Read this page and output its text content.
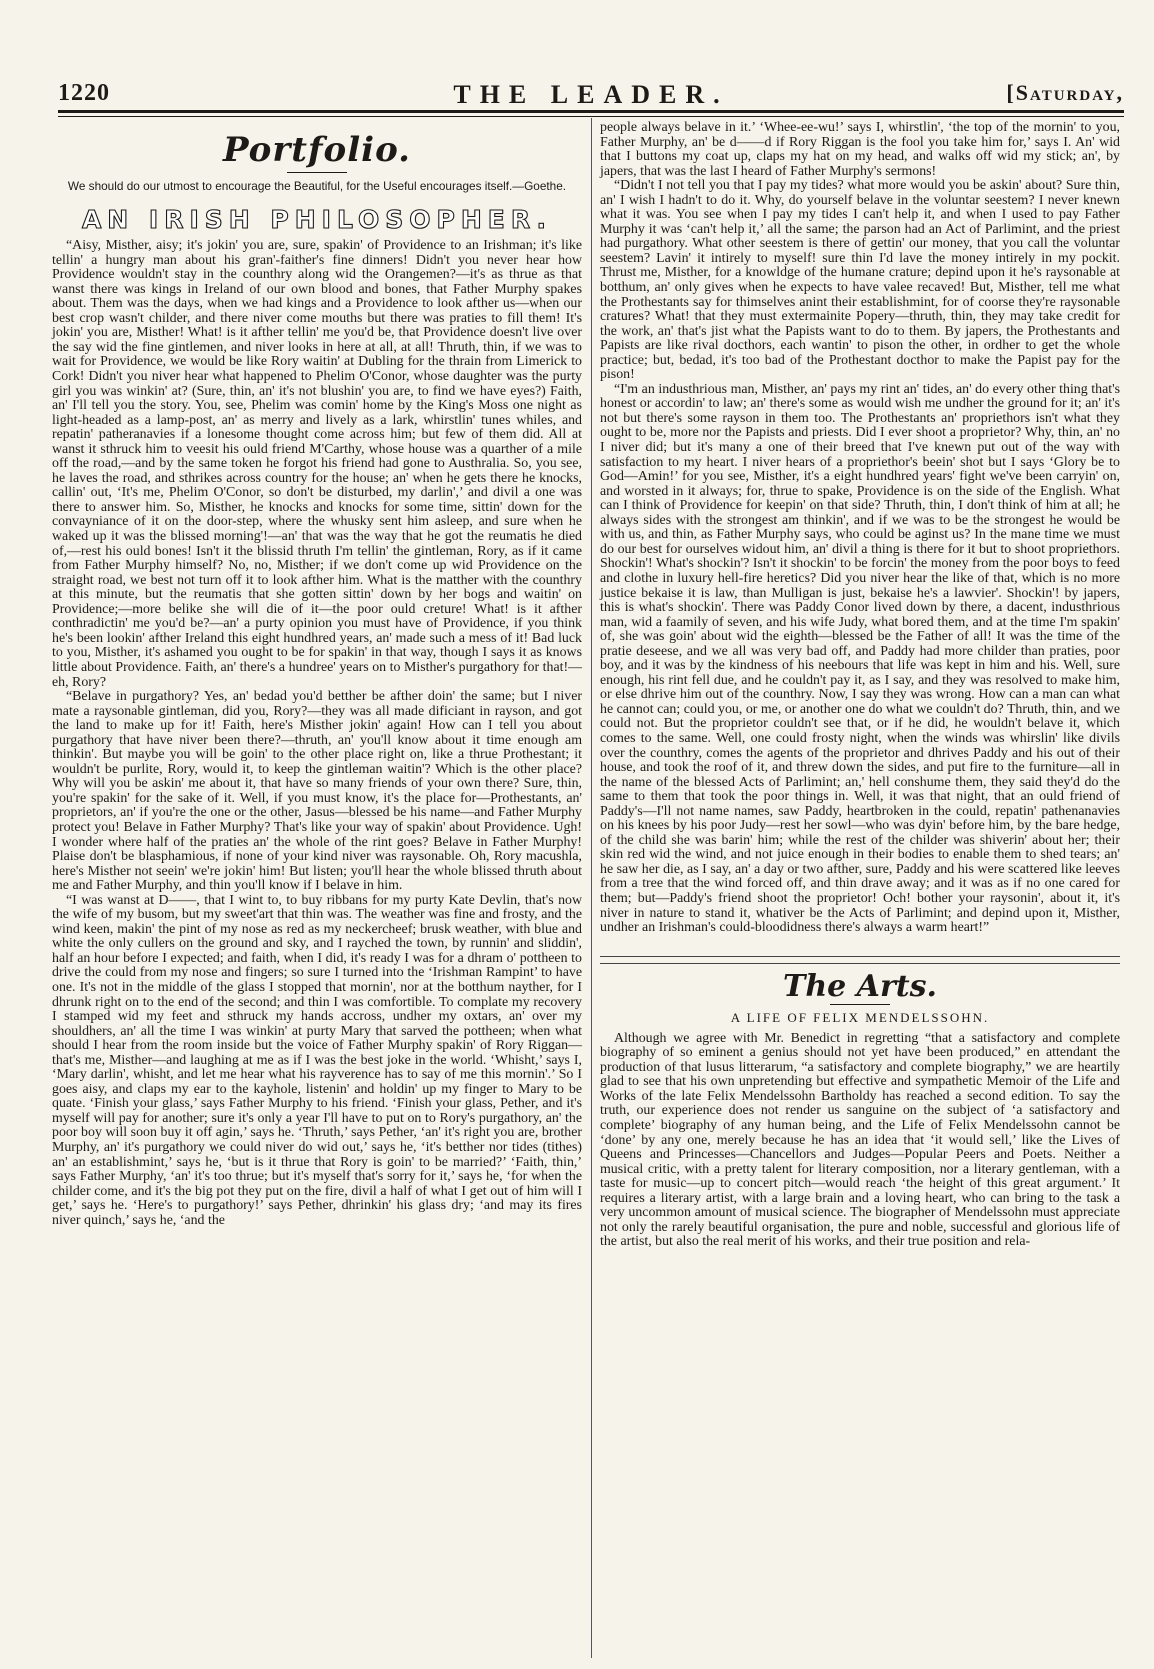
1220	THE LEADER.	[Saturday,
Portfolio.
We should do our utmost to encourage the Beautiful, for the Useful encourages itself.—Goethe.
AN IRISH PHILOSOPHER.

“Aisy, Misther, aisy; it's jokin' you are, sure, spakin' of Providence to an Irishman; it's like tellin' a hungry man about his gran'-faither's fine dinners! Didn't you never hear how Providence wouldn't stay in the counthry along wid the Orangemen?—it's as thrue as that wanst there was kings in Ireland of our own blood and bones, that Father Murphy spakes about. Them was the days, when we had kings and a Providence to look afther us—when our best crop wasn't childer, and there niver come mouths but there was praties to fill them! It's jokin' you are, Misther! What! is it afther tellin' me you'd be, that Providence doesn't live over the say wid the fine gintlemen, and niver looks in here at all, at all! Thruth, thin, if we was to wait for Providence, we would be like Rory waitin' at Dubling for the thrain from Limerick to Cork! Didn't you niver hear what happened to Phelim O'Conor, whose daughter was the purty girl you was winkin' at? (Sure, thin, an' it's not blushin' you are, to find we have eyes?) Faith, an' I'll tell you the story. You, see, Phelim was comin' home by the King's Moss one night as light-headed as a lamp-post, an' as merry and lively as a lark, whirstlin' tunes whiles, and repatin' patheranavies if a lonesome thought come across him; but few of them did. All at wanst it sthruck him to veesit his ould friend M'Carthy, whose house was a quarther of a mile off the road,—and by the same token he forgot his friend had gone to Austhralia. So, you see, he laves the road, and sthrikes across country for the house; an' when he gets there he knocks, callin' out, ‘It's me, Phelim O'Conor, so don't be disturbed, my darlin',’ and divil a one was there to answer him. So, Misther, he knocks and knocks for some time, sittin' down for the convayniance of it on the door-step, where the whusky sent him asleep, and sure when he waked up it was the blissed morning'!—an' that was the way that he got the reumatis he died of,—rest his ould bones! Isn't it the blissid thruth I'm tellin' the gintleman, Rory, as if it came from Father Murphy himself? No, no, Misther; if we don't come up wid Providence on the straight road, we best not turn off it to look afther him. What is the matther with the counthry at this minute, but the reumatis that she gotten sittin' down by her bogs and waitin' on Providence;—more belike she will die of it—the poor ould creture! What! is it afther conthradictin' me you'd be?—an' a purty opinion you must have of Providence, if you think he's been lookin' afther Ireland this eight hundhred years, an' made such a mess of it! Bad luck to you, Misther, it's ashamed you ought to be for spakin' in that way, though I says it as knows little about Providence. Faith, an' there's a hundree' years on to Misther's purgathory for that!—eh, Rory?

“Belave in purgathory? Yes, an' bedad you'd betther be afther doin' the same; but I niver mate a raysonable gintleman, did you, Rory?—they was all made dificiant in rayson, and got the land to make up for it! Faith, here's Misther jokin' again! How can I tell you about purgathory that have niver been there?—thruth, an' you'll know about it time enough am thinkin'. But maybe you will be goin' to the other place right on, like a thrue Prothestant; it wouldn't be purlite, Rory, would it, to keep the gintleman waitin'? Which is the other place? Why will you be askin' me about it, that have so many friends of your own there? Sure, thin, you're spakin' for the sake of it. Well, if you must know, it's the place for—Prothestants, an' proprietors, an' if you're the one or the other, Jasus—blessed be his name—and Father Murphy protect you! Belave in Father Murphy? That's like your way of spakin' about Providence. Ugh! I wonder where half of the praties an' the whole of the rint goes? Belave in Father Murphy! Plaise don't be blasphamious, if none of your kind niver was raysonable. Oh, Rory macushla, here's Misther not seein' we're jokin' him! But listen; you'll hear the whole blissed thruth about me and Father Murphy, and thin you'll know if I belave in him.

“I was wanst at D——, that I wint to, to buy ribbans for my purty Kate Devlin, that's now the wife of my busom, but my sweet'art that thin was. The weather was fine and frosty, and the wind keen, makin' the pint of my nose as red as my neckercheef; brusk weather, with blue and white the only cullers on the ground and sky, and I rayched the town, by runnin' and sliddin', half an hour before I expected; and faith, when I did, it's ready I was for a dhram o' pottheen to drive the could from my nose and fingers; so sure I turned into the ‘Irishman Rampint’ to have one. It's not in the middle of the glass I stopped that mornin', nor at the botthum nayther, for I dhrunk right on to the end of the second; and thin I was comfortible. To complate my recovery I stamped wid my feet and sthruck my hands accross, undher my oxtars, an' over my shouldhers, an' all the time I was winkin' at purty Mary that sarved the pottheen; when what should I hear from the room inside but the voice of Father Murphy spakin' of Rory Riggan—that's me, Misther—and laughing at me as if I was the best joke in the world. ‘Whisht,’ says I, ‘Mary darlin', whisht, and let me hear what his rayverence has to say of me this mornin'.’ So I goes aisy, and claps my ear to the kayhole, listenin' and holdin' up my finger to Mary to be quate. ‘Finish your glass,’ says Father Murphy to his friend. ‘Finish your glass, Pether, and it's myself will pay for another; sure it's only a year I'll have to put on to Rory's purgathory, an' the poor boy will soon buy it off agin,’ says he. ‘Thruth,’ says Pether, ‘an' it's right you are, brother Murphy, an' it's purgathory we could niver do wid out,’ says he, ‘it's betther nor tides (tithes) an' an establishmint,’ says he, ‘but is it thrue that Rory is goin' to be married?’ ‘Faith, thin,’ says Father Murphy, ‘an' it's too thrue; but it's myself that's sorry for it,’ says he, ‘for when the childer come, and it's the big pot they put on the fire, divil a half of what I get out of him will I get,’ says he. ‘Here's to purgathory!’ says Pether, dhrinkin' his glass dry; ‘and may its fires niver quinch,’ says he, ‘and the

people always belave in it.’ ‘Whee-ee-wu!’ says I, whirstlin', ‘the top of the mornin' to you, Father Murphy, an' be d——d if Rory Riggan is the fool you take him for,’ says I. An' wid that I buttons my coat up, claps my hat on my head, and walks off wid my stick; an', by japers, that was the last I heard of Father Murphy's sermons!

“Didn't I not tell you that I pay my tides? what more would you be askin' about? Sure thin, an' I wish I hadn't to do it. Why, do yourself belave in the voluntar seestem? I never knewn what it was. You see when I pay my tides I can't help it, and when I used to pay Father Murphy it was ‘can't help it,’ all the same; the parson had an Act of Parlimint, and the priest had purgathory. What other seestem is there of gettin' our money, that you call the voluntar seestem? Lavin' it intirely to myself! sure thin I'd lave the money intirely in my pockit. Thrust me, Misther, for a knowldge of the humane crature; depind upon it he's raysonable at botthum, an' only gives when he expects to have valee recaved! But, Misther, tell me what the Prothestants say for thimselves anint their establishmint, for of coorse they're raysonable cratures? What! that they must extermainite Popery—thruth, thin, they may take credit for the work, an' that's jist what the Papists want to do to them. By japers, the Prothestants and Papists are like rival docthors, each wantin' to pison the other, in ordher to get the whole practice; but, bedad, it's too bad of the Prothestant docthor to make the Papist pay for the pison!

“I'm an industhrious man, Misther, an' pays my rint an' tides, an' do every other thing that's honest or accordin' to law; an' there's some as would wish me undher the ground for it; an' it's not but there's some rayson in them too. The Prothestants an' propriethors isn't what they ought to be, more nor the Papists and priests. Did I ever shoot a proprietor? Why, thin, an' no I niver did; but it's many a one of their breed that I've knewn put out of the way with satisfaction to my heart. I niver hears of a propriethor's beein' shot but I says ‘Glory be to God—Amin!’ for you see, Misther, it's a eight hundhred years' fight we've been carryin' on, and worsted in it always; for, thrue to spake, Providence is on the side of the English. What can I think of Providence for keepin' on that side? Thruth, thin, I don't think of him at all; he always sides with the strongest am thinkin', and if we was to be the strongest he would be with us, and thin, as Father Murphy says, who could be aginst us? In the mane time we must do our best for ourselves widout him, an' divil a thing is there for it but to shoot propriethors. Shockin'! What's shockin'? Isn't it shockin' to be forcin' the money from the poor boys to feed and clothe in luxury hell-fire heretics? Did you niver hear the like of that, which is no more justice bekaise it is law, than Mulligan is just, bekaise he's a lawvier'. Shockin'! by japers, this is what's shockin'. There was Paddy Conor lived down by there, a dacent, industhrious man, wid a faamily of seven, and his wife Judy, what bored them, and at the time I'm spakin' of, she was goin' about wid the eighth—blessed be the Father of all! It was the time of the pratie deseese, and we all was very bad off, and Paddy had more childer than praties, poor boy, and it was by the kindness of his neebours that life was kept in him and his. Well, sure enough, his rint fell due, and he couldn't pay it, as I say, and they was resolved to make him, or else dhrive him out of the counthry. Now, I say they was wrong. How can a man can what he cannot can; could you, or me, or another one do what we couldn't do? Thruth, thin, and we could not. But the proprietor couldn't see that, or if he did, he wouldn't belave it, which comes to the same. Well, one could frosty night, when the winds was whirslin' like divils over the counthry, comes the agents of the proprietor and dhrives Paddy and his out of their house, and took the roof of it, and threw down the sides, and put fire to the furniture—all in the name of the blessed Acts of Parlimint; an,' hell conshume them, they said they'd do the same to them that took the poor things in. Well, it was that night, that an ould friend of Paddy's—I'll not name names, saw Paddy, heartbroken in the could, repatin' pathenanavies on his knees by his poor Judy—rest her sowl—who was dyin' before him, by the bare hedge, of the child she was barin' him; while the rest of the childer was shiverin' about her; their skin red wid the wind, and not juice enough in their bodies to enable them to shed tears; an' he saw her die, as I say, an' a day or two afther, sure, Paddy and his were scattered like leeves from a tree that the wind forced off, and thin drave away; and it was as if no one cared for them; but—Paddy's friend shoot the proprietor! Och! bother your raysonin', about it, it's niver in nature to stand it, whativer be the Acts of Parlimint; and depind upon it, Misther, undher an Irishman's could-bloodidness there's always a warm heart!”

The Arts.
A LIFE OF FELIX MENDELSSOHN.

Although we agree with Mr. Benedict in regretting “that a satisfactory and complete biography of so eminent a genius should not yet have been produced,” en attendant the production of that lusus litterarum, “a satisfactory and complete biography,” we are heartily glad to see that his own unpretending but effective and sympathetic Memoir of the Life and Works of the late Felix Mendelssohn Bartholdy has reached a second edition. To say the truth, our experience does not render us sanguine on the subject of ‘a satisfactory and complete’ biography of any human being, and the Life of Felix Mendelssohn cannot be ‘done’ by any one, merely because he has an idea that ‘it would sell,’ like the Lives of Queens and Princesses—Chancellors and Judges—Popular Peers and Poets. Neither a musical critic, with a pretty talent for literary composition, nor a literary gentleman, with a taste for music—up to concert pitch—would reach ‘the height of this great argument.’ It requires a literary artist, with a large brain and a loving heart, who can bring to the task a very uncommon amount of musical science. The biographer of Mendelssohn must appreciate not only the rarely beautiful organisation, the pure and noble, successful and glorious life of the artist, but also the real merit of his works, and their true position and rela-
